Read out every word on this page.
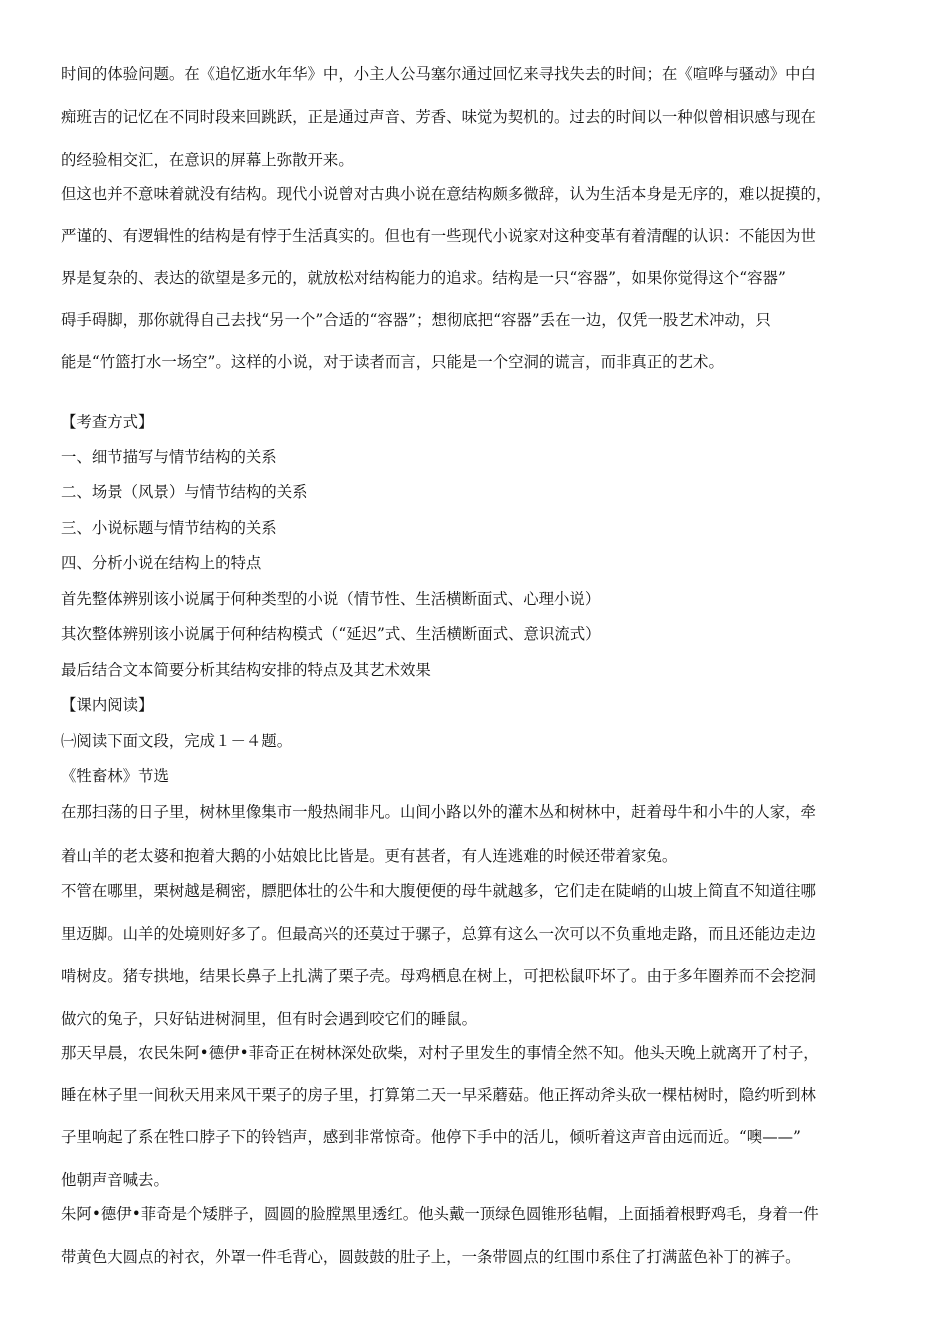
时间的体验问题。在《追忆逝水年华》中，小主人公马塞尔通过回忆来寻找失去的时间；在《喧哗与骚动》中白
痴班吉的记忆在不同时段来回跳跃，正是通过声音、芳香、味觉为契机的。过去的时间以一种似曾相识感与现在
的经验相交汇，在意识的屏幕上弥散开来。
但这也并不意味着就没有结构。现代小说曾对古典小说在意结构颇多微辞，认为生活本身是无序的，难以捉摸的，
严谨的、有逻辑性的结构是有悖于生活真实的。但也有一些现代小说家对这种变革有着清醒的认识：不能因为世
界是复杂的、表达的欲望是多元的，就放松对结构能力的追求。结构是一只“容器”，如果你觉得这个“容器”
碍手碍脚，那你就得自己去找“另一个”合适的“容器”；想彻底把“容器”丢在一边，仅凭一股艺术冲动，只
能是“竹篮打水一场空”。这样的小说，对于读者而言，只能是一个空洞的谎言，而非真正的艺术。
【考查方式】
一、细节描写与情节结构的关系
二、场景（风景）与情节结构的关系
三、小说标题与情节结构的关系
四、分析小说在结构上的特点
首先整体辨别该小说属于何种类型的小说（情节性、生活横断面式、心理小说）
其次整体辨别该小说属于何种结构模式（“延迟”式、生活横断面式、意识流式）
最后结合文本简要分析其结构安排的特点及其艺术效果
【课内阅读】
㈠阅读下面文段，完成１－４题。
《牲畜林》节选
在那扫荡的日子里，树林里像集市一般热闹非凡。山间小路以外的灌木丛和树林中，赶着母牛和小牛的人家，牵
着山羊的老太婆和抱着大鹅的小姑娘比比皆是。更有甚者，有人连逃难的时候还带着家兔。
不管在哪里，栗树越是稠密，膘肥体壮的公牛和大腹便便的母牛就越多，它们走在陡峭的山坡上简直不知道往哪
里迈脚。山羊的处境则好多了。但最高兴的还莫过于骡子，总算有这么一次可以不负重地走路，而且还能边走边
啃树皮。猪专拱地，结果长鼻子上扎满了栗子壳。母鸡栖息在树上，可把松鼠吓坏了。由于多年圈养而不会挖洞
做穴的兔子，只好钻进树洞里，但有时会遇到咬它们的睡鼠。
那天早晨，农民朱阿•德伊•菲奇正在树林深处砍柴，对村子里发生的事情全然不知。他头天晚上就离开了村子，
睡在林子里一间秋天用来风干栗子的房子里，打算第二天一早采蘑菇。他正挥动斧头砍一棵枯树时，隐约听到林
子里响起了系在牲口脖子下的铃铛声，感到非常惊奇。他停下手中的活儿，倾听着这声音由远而近。“噢——”
他朝声音喊去。
朱阿•德伊•菲奇是个矮胖子，圆圆的脸膛黑里透红。他头戴一顶绿色圆锥形毡帽，上面插着根野鸡毛，身着一件
带黄色大圆点的衬衣，外罩一件毛背心，圆鼓鼓的肚子上，一条带圆点的红围巾系住了打满蓝色补丁的裤子。
